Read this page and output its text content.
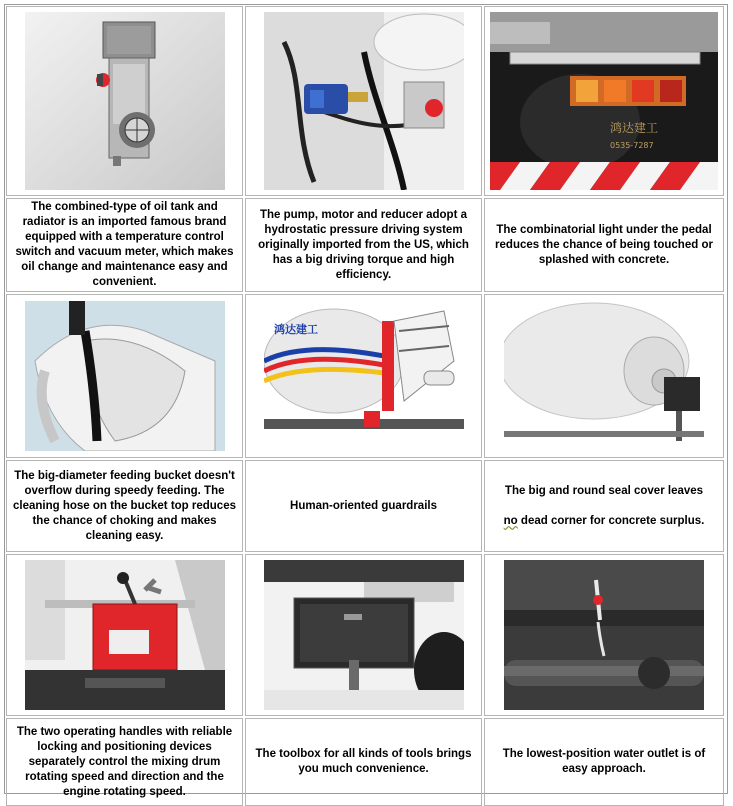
鸿达建工
0535-7287

The combined-type of oil tank and radiator is an imported famous brand equipped with a temperature control switch and vacuum meter, which makes oil change and maintenance easy and convenient.

The pump, motor and reducer adopt a hydrostatic pressure driving system originally imported from the US, which has a big driving torque and high efficiency.

The combinatorial light under the pedal reduces the chance of being touched or splashed with concrete.

鸿达建工

The big-diameter feeding bucket doesn't overflow during speedy feeding. The cleaning hose on the bucket top reduces the chance of choking and makes cleaning easy.

Human-oriented guardrails

The big and round seal cover leaves

no dead corner for concrete surplus.

The two operating handles with reliable locking and positioning devices separately control the mixing drum rotating speed and direction and the engine rotating speed.

The toolbox for all kinds of tools brings you much convenience.

The lowest-position water outlet is of easy approach.
